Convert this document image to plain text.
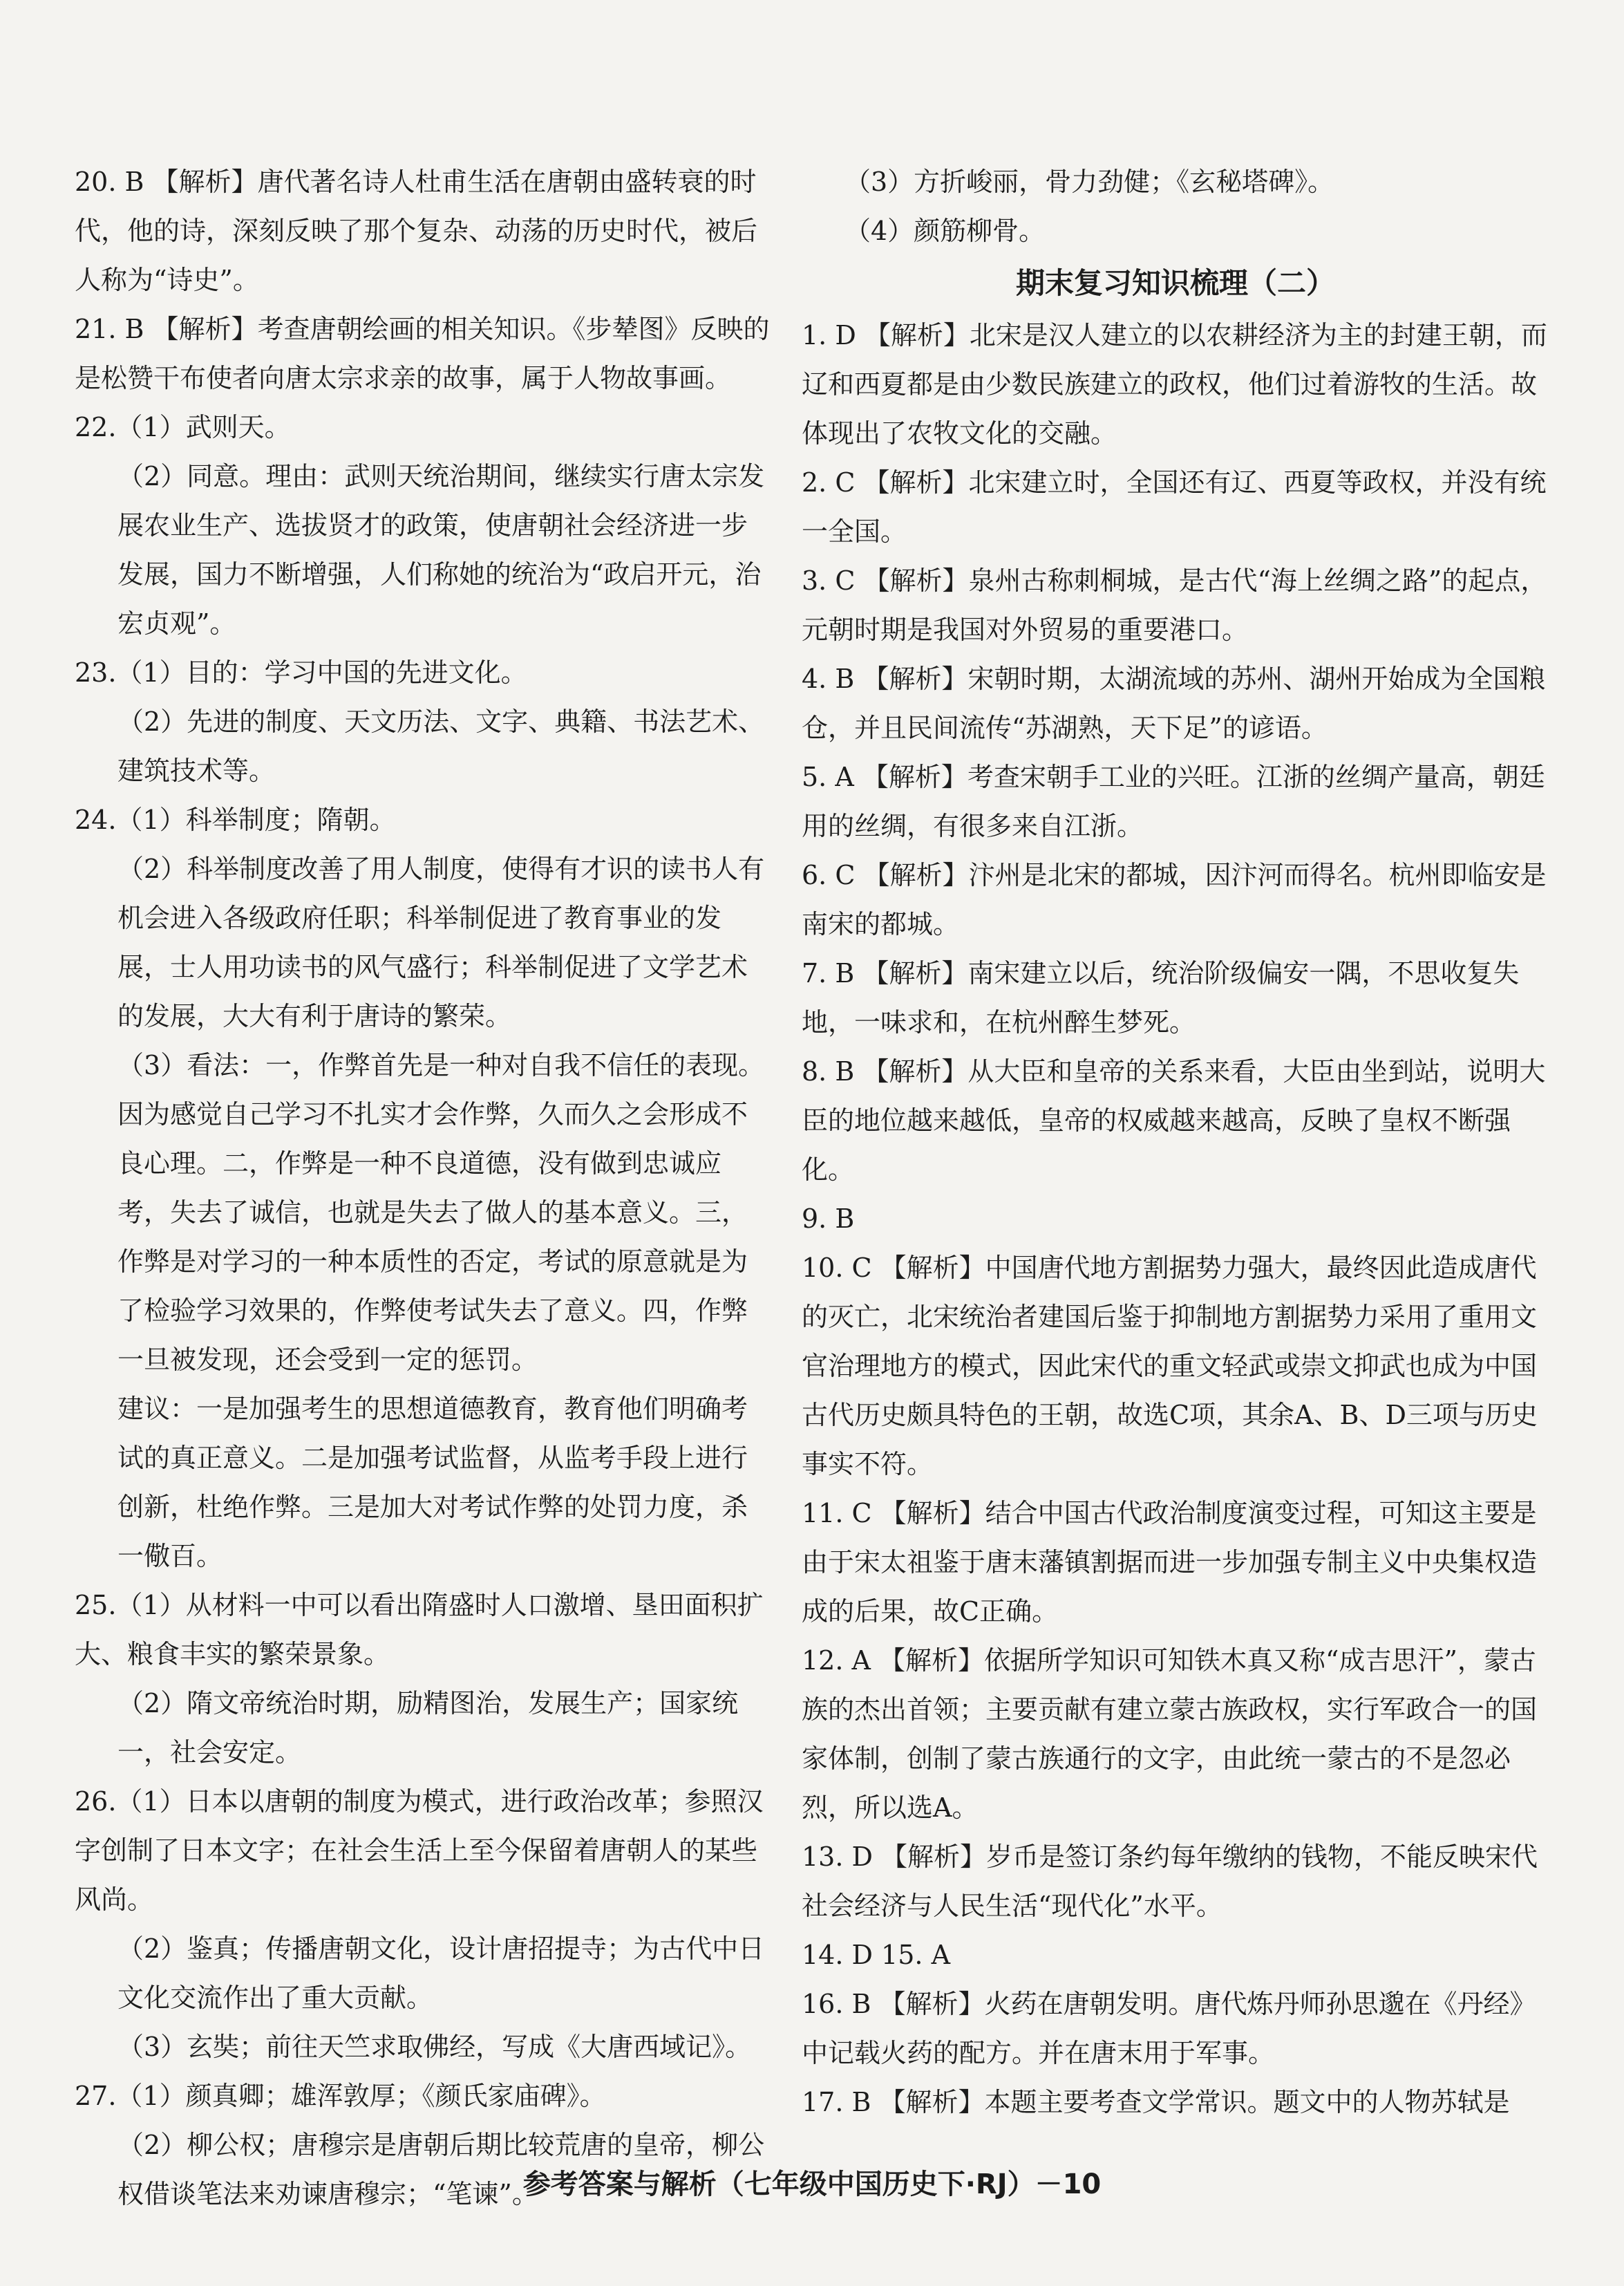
20. B 【解析】唐代著名诗人杜甫生活在唐朝由盛转衰的时代，他的诗，深刻反映了那个复杂、动荡的历史时代，被后人称为“诗史”。
21. B 【解析】考查唐朝绘画的相关知识。《步辇图》反映的是松赞干布使者向唐太宗求亲的故事，属于人物故事画。
22.（1）武则天。
（2）同意。理由：武则天统治期间，继续实行唐太宗发展农业生产、选拔贤才的政策，使唐朝社会经济进一步发展，国力不断增强，人们称她的统治为“政启开元，治宏贞观”。
23.（1）目的：学习中国的先进文化。
（2）先进的制度、天文历法、文字、典籍、书法艺术、建筑技术等。
24.（1）科举制度；隋朝。
（2）科举制度改善了用人制度，使得有才识的读书人有机会进入各级政府任职；科举制促进了教育事业的发展，士人用功读书的风气盛行；科举制促进了文学艺术的发展，大大有利于唐诗的繁荣。
（3）看法：一，作弊首先是一种对自我不信任的表现。因为感觉自己学习不扎实才会作弊，久而久之会形成不良心理。二，作弊是一种不良道德，没有做到忠诚应考，失去了诚信，也就是失去了做人的基本意义。三，作弊是对学习的一种本质性的否定，考试的原意就是为了检验学习效果的，作弊使考试失去了意义。四，作弊一旦被发现，还会受到一定的惩罚。
建议：一是加强考生的思想道德教育，教育他们明确考试的真正意义。二是加强考试监督，从监考手段上进行创新，杜绝作弊。三是加大对考试作弊的处罚力度，杀一儆百。
25.（1）从材料一中可以看出隋盛时人口激增、垦田面积扩大、粮食丰实的繁荣景象。
（2）隋文帝统治时期，励精图治，发展生产；国家统一，社会安定。
26.（1）日本以唐朝的制度为模式，进行政治改革；参照汉字创制了日本文字；在社会生活上至今保留着唐朝人的某些风尚。
（2）鉴真；传播唐朝文化，设计唐招提寺；为古代中日文化交流作出了重大贡献。
（3）玄奘；前往天竺求取佛经，写成《大唐西域记》。
27.（1）颜真卿；雄浑敦厚；《颜氏家庙碑》。
（2）柳公权；唐穆宗是唐朝后期比较荒唐的皇帝，柳公权借谈笔法来劝谏唐穆宗；“笔谏”。
（3）方折峻丽，骨力劲健；《玄秘塔碑》。
（4）颜筋柳骨。
期末复习知识梳理（二）
1. D 【解析】北宋是汉人建立的以农耕经济为主的封建王朝，而辽和西夏都是由少数民族建立的政权，他们过着游牧的生活。故体现出了农牧文化的交融。
2. C 【解析】北宋建立时，全国还有辽、西夏等政权，并没有统一全国。
3. C 【解析】泉州古称刺桐城，是古代“海上丝绸之路”的起点，元朝时期是我国对外贸易的重要港口。
4. B 【解析】宋朝时期，太湖流域的苏州、湖州开始成为全国粮仓，并且民间流传“苏湖熟，天下足”的谚语。
5. A 【解析】考查宋朝手工业的兴旺。江浙的丝绸产量高，朝廷用的丝绸，有很多来自江浙。
6. C 【解析】汴州是北宋的都城，因汴河而得名。杭州即临安是南宋的都城。
7. B 【解析】南宋建立以后，统治阶级偏安一隅，不思收复失地，一味求和，在杭州醉生梦死。
8. B 【解析】从大臣和皇帝的关系来看，大臣由坐到站，说明大臣的地位越来越低，皇帝的权威越来越高，反映了皇权不断强化。
9. B
10. C 【解析】中国唐代地方割据势力强大，最终因此造成唐代的灭亡，北宋统治者建国后鉴于抑制地方割据势力采用了重用文官治理地方的模式，因此宋代的重文轻武或崇文抑武也成为中国古代历史颇具特色的王朝，故选C项，其余A、B、D三项与历史事实不符。
11. C 【解析】结合中国古代政治制度演变过程，可知这主要是由于宋太祖鉴于唐末藩镇割据而进一步加强专制主义中央集权造成的后果，故C正确。
12. A 【解析】依据所学知识可知铁木真又称“成吉思汗”，蒙古族的杰出首领；主要贡献有建立蒙古族政权，实行军政合一的国家体制，创制了蒙古族通行的文字，由此统一蒙古的不是忽必烈，所以选A。
13. D 【解析】岁币是签订条约每年缴纳的钱物，不能反映宋代社会经济与人民生活“现代化”水平。
14. D 15. A
16. B 【解析】火药在唐朝发明。唐代炼丹师孙思邈在《丹经》中记载火药的配方。并在唐末用于军事。
17. B 【解析】本题主要考查文学常识。题文中的人物苏轼是
参考答案与解析（七年级中国历史下·RJ）－10
